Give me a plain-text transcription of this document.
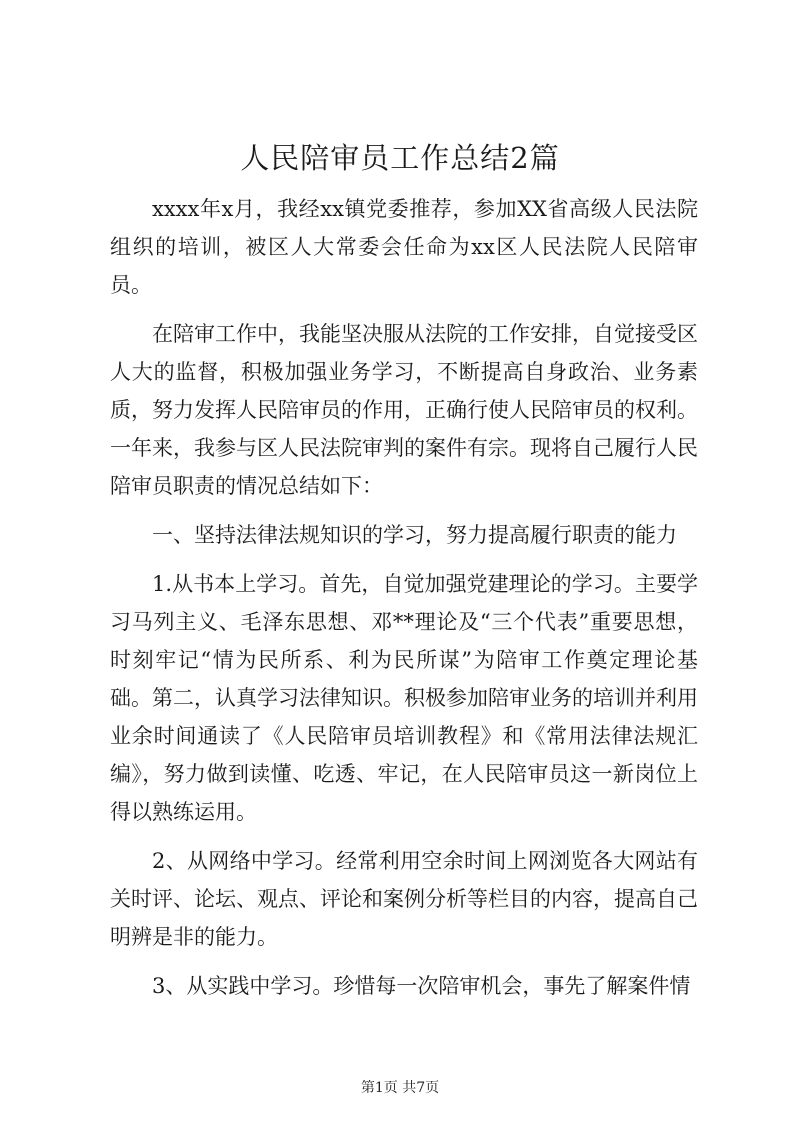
人民陪审员工作总结2篇

xxxx年x月，我经xx镇党委推荐，参加XX省高级人民法院组织的培训，被区人大常委会任命为xx区人民法院人民陪审员。

在陪审工作中，我能坚决服从法院的工作安排，自觉接受区人大的监督，积极加强业务学习，不断提高自身政治、业务素质，努力发挥人民陪审员的作用，正确行使人民陪审员的权利。一年来，我参与区人民法院审判的案件有宗。现将自己履行人民陪审员职责的情况总结如下：

一、坚持法律法规知识的学习，努力提高履行职责的能力

1.从书本上学习。首先，自觉加强党建理论的学习。主要学习马列主义、毛泽东思想、邓**理论及“三个代表”重要思想，时刻牢记“情为民所系、利为民所谋”为陪审工作奠定理论基础。第二，认真学习法律知识。积极参加陪审业务的培训并利用业余时间通读了《人民陪审员培训教程》和《常用法律法规汇编》，努力做到读懂、吃透、牢记，在人民陪审员这一新岗位上得以熟练运用。

2、从网络中学习。经常利用空余时间上网浏览各大网站有关时评、论坛、观点、评论和案例分析等栏目的内容，提高自己明辨是非的能力。

3、从实践中学习。珍惜每一次陪审机会，事先了解案件情

第1页 共7页
